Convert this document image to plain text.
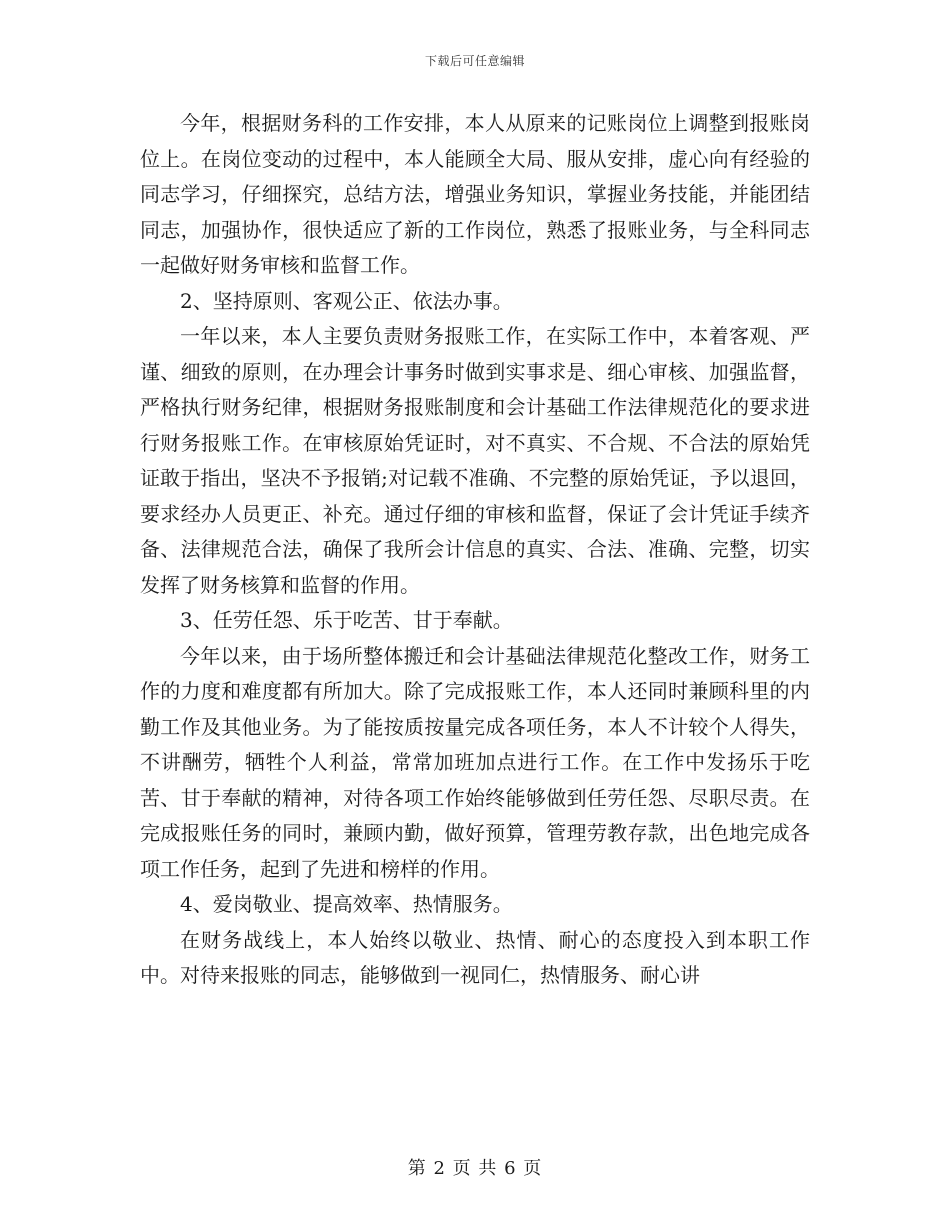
下载后可任意编辑

今年，根据财务科的工作安排，本人从原来的记账岗位上调整到报账岗位上。在岗位变动的过程中，本人能顾全大局、服从安排，虚心向有经验的同志学习，仔细探究，总结方法，增强业务知识，掌握业务技能，并能团结同志，加强协作，很快适应了新的工作岗位，熟悉了报账业务，与全科同志一起做好财务审核和监督工作。

2、坚持原则、客观公正、依法办事。

一年以来，本人主要负责财务报账工作，在实际工作中，本着客观、严谨、细致的原则，在办理会计事务时做到实事求是、细心审核、加强监督，严格执行财务纪律，根据财务报账制度和会计基础工作法律规范化的要求进行财务报账工作。在审核原始凭证时，对不真实、不合规、不合法的原始凭证敢于指出，坚决不予报销;对记载不准确、不完整的原始凭证，予以退回，要求经办人员更正、补充。通过仔细的审核和监督，保证了会计凭证手续齐备、法律规范合法，确保了我所会计信息的真实、合法、准确、完整，切实发挥了财务核算和监督的作用。

3、任劳任怨、乐于吃苦、甘于奉献。

今年以来，由于场所整体搬迁和会计基础法律规范化整改工作，财务工作的力度和难度都有所加大。除了完成报账工作，本人还同时兼顾科里的内勤工作及其他业务。为了能按质按量完成各项任务，本人不计较个人得失，不讲酬劳，牺牲个人利益，常常加班加点进行工作。在工作中发扬乐于吃苦、甘于奉献的精神，对待各项工作始终能够做到任劳任怨、尽职尽责。在完成报账任务的同时，兼顾内勤，做好预算，管理劳教存款，出色地完成各项工作任务，起到了先进和榜样的作用。

4、爱岗敬业、提高效率、热情服务。

在财务战线上，本人始终以敬业、热情、耐心的态度投入到本职工作中。对待来报账的同志，能够做到一视同仁，热情服务、耐心讲

第 2 页 共 6 页
